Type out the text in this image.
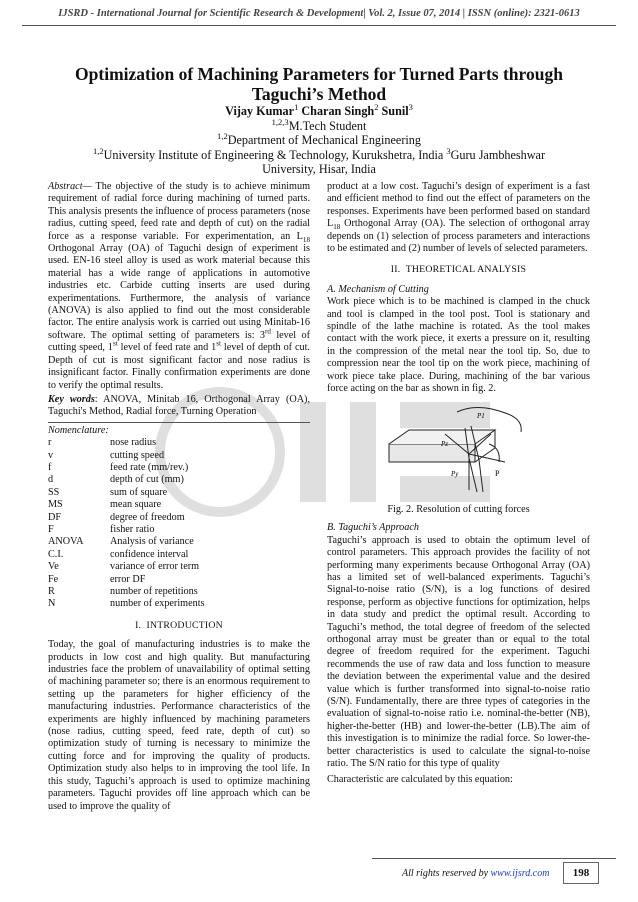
IJSRD - International Journal for Scientific Research & Development| Vol. 2, Issue 07, 2014 | ISSN (online): 2321-0613
Optimization of Machining Parameters for Turned Parts through Taguchi’s Method
Vijay Kumar$^1$ Charan Singh$^2$ Sunil$^3$
$^{1,2,3}$M.Tech Student
$^{1,2}$Department of Mechanical Engineering
$^{1,2}$University Institute of Engineering & Technology, Kurukshetra, India $^3$Guru Jambheshwar
University, Hisar, India

Abstract— The objective of the study is to achieve minimum requirement of radial force during machining of turned parts. This analysis presents the influence of process parameters (nose radius, cutting speed, feed rate and depth of cut) on the radial force as a response variable. For experimentation, an $L_{18}$ Orthogonal Array (OA) of Taguchi design of experiment is used. EN-16 steel alloy is used as work material because this material has a wide range of applications in automotive industries etc. Carbide cutting inserts are used during experimentations. Furthermore, the analysis of variance (ANOVA) is also applied to find out the most considerable factor. The entire analysis work is carried out using Minitab-16 software. The optimal setting of parameters is: 3rd level of cutting speed, 1st level of feed rate and 1st level of depth of cut. Depth of cut is most significant factor and nose radius is insignificant factor. Finally confirmation experiments are done to verify the optimal results.

Key words: ANOVA, Minitab 16, Orthogonal Array (OA), Taguchi's Method, Radial force, Turning Operation

Nomenclature:

r	nose radius
v	cutting speed
f	feed rate (mm/rev.)
d	depth of cut (mm)
SS	sum of square
MS	mean square
DF	degree of freedom
F	fisher ratio
ANOVA	Analysis of variance
C.I.	confidence interval
Ve	variance of error term
Fe	error DF
R	number of repetitions
N	number of experiments
I. INTRODUCTION

Today, the goal of manufacturing industries is to make the products in low cost and high quality. But manufacturing industries face the problem of unavailability of optimal setting of machining parameter so; there is an enormous requirement to setting up the parameters for higher efficiency of the manufacturing industries. Performance characteristics of the experiments are highly influenced by machining parameters (nose radius, cutting speed, feed rate, depth of cut) so optimization study of turning is necessary to minimize the cutting force and for improving the quality of products. Optimization study also helps to in improving the tool life. In this study, Taguchi’s approach is used to optimize machining parameters. Taguchi provides off line approach which can be used to improve the quality of

product at a low cost. Taguchi’s design of experiment is a fast and efficient method to find out the effect of parameters on the responses. Experiments have been performed based on standard $L_{18}$ Orthogonal Array (OA). The selection of orthogonal array depends on (1) selection of process parameters and interactions to be estimated and (2) number of levels of selected parameters.

II. THEORETICAL ANALYSIS

A. Mechanism of Cutting

Work piece which is to be machined is clamped in the chuck and tool is clamped in the tool post. Tool is stationary and spindle of the lathe machine is rotated. As the tool makes contact with the work piece, it exerts a pressure on it, resulting in the compression of the metal near the tool tip. So, due to compression near the tool tip on the work piece, machining of work piece take place. During, machining of the bar various force acting on the bar as shown in fig. 2.

P1
Pz
Py	P

Fig. 2. Resolution of cutting forces

B. Taguchi’s Approach

Taguchi’s approach is used to obtain the optimum level of control parameters. This approach provides the facility of not performing many experiments because Orthogonal Array (OA) has a limited set of well-balanced experiments. Taguchi’s Signal-to-noise ratio (S/N), is a log functions of desired response, perform as objective functions for optimization, helps in data study and predict the optimal result. According to Taguchi’s method, the total degree of freedom of the selected orthogonal array must be greater than or equal to the total degree of freedom required for the experiment. Taguchi recommends the use of raw data and loss function to measure the deviation between the experimental value and the desired value which is further transformed into signal-to-noise ratio (S/N). Fundamentally, there are three types of categories in the evaluation of signal-to-noise ratio i.e. nominal-the-better (NB), higher-the-better (HB) and lower-the-better (LB).The aim of this investigation is to minimize the radial force. So lower-the-better characteristics is used to calculate the signal-to-noise ratio. The S/N ratio for this type of quality

Characteristic are calculated by this equation:

All rights reserved by www.ijsrd.com	198
